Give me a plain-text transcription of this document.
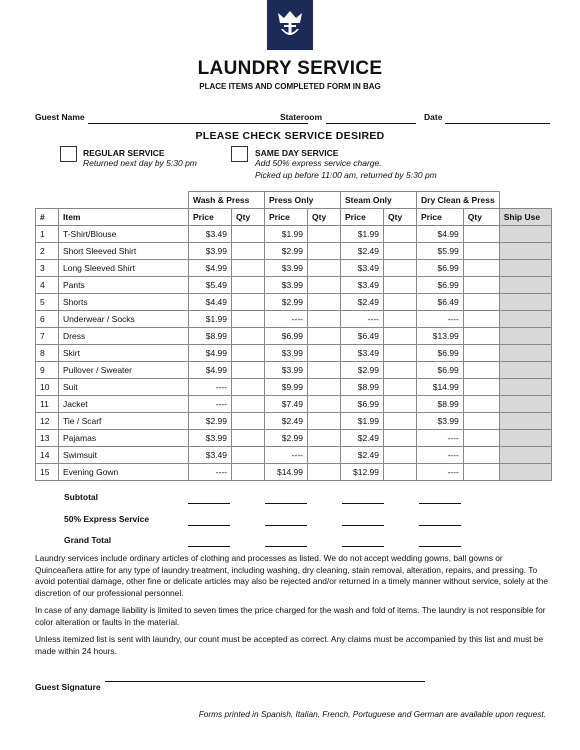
LAUNDRY SERVICE
PLACE ITEMS AND COMPLETED FORM IN BAG
Guest Name	Stateroom	Date
PLEASE CHECK SERVICE DESIRED
REGULAR SERVICE
Returned next day by 5:30 pm
SAME DAY SERVICE
Add 50% express service charge.
Picked up before 11:00 am, returned by 5:30 pm
		Wash & Press		Press Only		Steam Only		Dry Clean & Press		
#	Item	Price	Qty	Price	Qty	Price	Qty	Price	Qty	Ship Use
1	T-Shirt/Blouse	$3.49		$1.99		$1.99		$4.99		
2	Short Sleeved Shirt	$3.99		$2.99		$2.49		$5.99		
3	Long Sleeved Shirt	$4.99		$3.99		$3.49		$6.99		
4	Pants	$5.49		$3.99		$3.49		$6.99		
5	Shorts	$4.49		$2.99		$2.49		$6.49		
6	Underwear / Socks	$1.99		----		----		----		
7	Dress	$8.99		$6.99		$6.49		$13.99		
8	Skirt	$4.99		$3.99		$3.49		$6.99		
9	Pullover / Sweater	$4.99		$3.99		$2.99		$6.99		
10	Suit	----		$9.99		$8.99		$14.99		
11	Jacket	----		$7.49		$6.99		$8.99		
12	Tie / Scarf	$2.99		$2.49		$1.99		$3.99		
13	Pajamas	$3.99		$2.99		$2.49		----		
14	Swimsuit	$3.49		----		$2.49		----		
15	Evening Gown	----		$14.99		$12.99		----		
Subtotal
50% Express Service
Grand Total
Laundry services include ordinary articles of clothing and processes as listed. We do not accept wedding gowns, ball gowns or Quinceañera attire for any type of laundry treatment, including washing, dry cleaning, stain removal, alteration, repairs, and pressing. To avoid potential damage, other fine or delicate articles may also be rejected and/or returned in a timely manner without service, solely at the discretion of our professional personnel.
In case of any damage liability is limited to seven times the price charged for the wash and fold of items. The laundry is not responsible for color alteration or faults in the material.
Unless itemized list is sent with laundry, our count must be accepted as correct. Any claims must be accompanied by this list and must be made within 24 hours.
Guest Signature
Forms printed in Spanish, Italian, French, Portuguese and German are available upon request.
